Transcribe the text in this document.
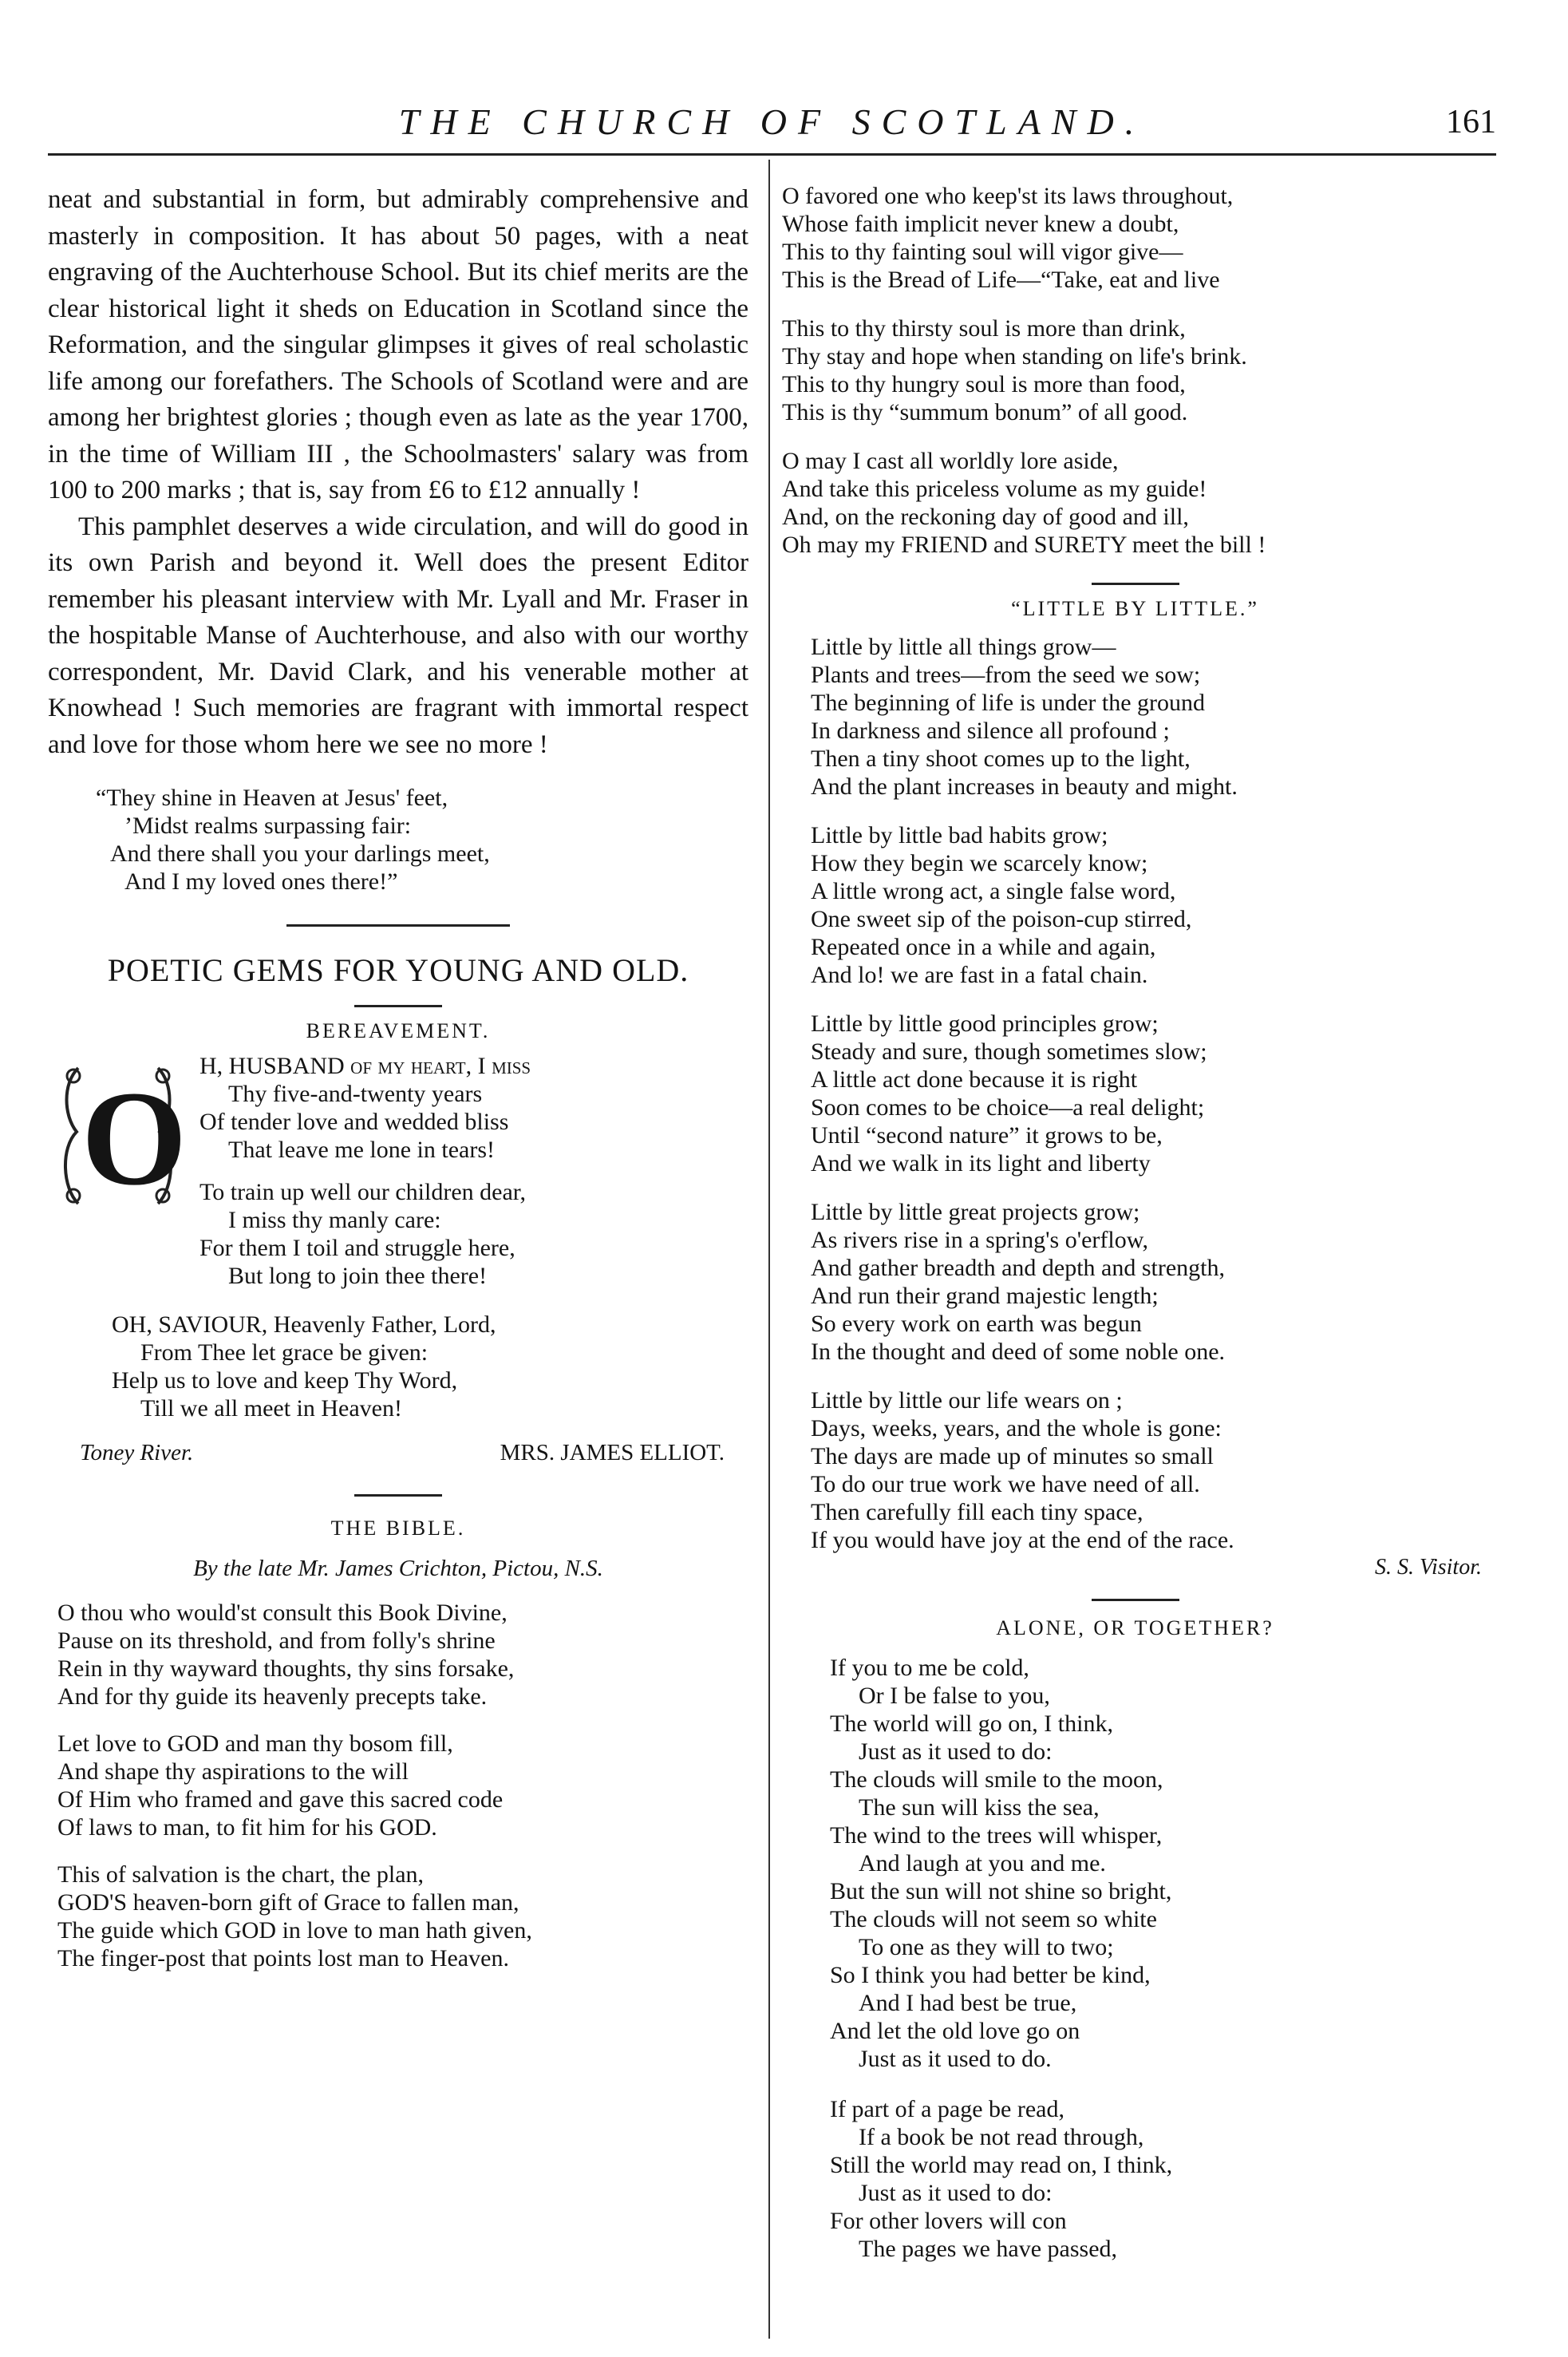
THE CHURCH OF SCOTLAND.	161

neat and substantial in form, but admirably comprehensive and masterly in composition. It has about 50 pages, with a neat engraving of the Auchterhouse School. But its chief merits are the clear historical light it sheds on Education in Scotland since the Reformation, and the singular glimpses it gives of real scholastic life among our forefathers. The Schools of Scotland were and are among her brightest glories ; though even as late as the year 1700, in the time of William III , the Schoolmasters' salary was from 100 to 200 marks ; that is, say from £6 to £12 annually !

This pamphlet deserves a wide circulation, and will do good in its own Parish and beyond it. Well does the present Editor remember his pleasant interview with Mr. Lyall and Mr. Fraser in the hospitable Manse of Auchterhouse, and also with our worthy correspondent, Mr. David Clark, and his venerable mother at Knowhead ! Such memories are fragrant with immortal respect and love for those whom here we see no more !

“They shine in Heaven at Jesus' feet,
’Midst realms surpassing fair:
And there shall you your darlings meet,
And I my loved ones there!”

POETIC GEMS FOR YOUNG AND OLD.

BEREAVEMENT.

O H, HUSBAND of my heart, I miss
Thy five-and-twenty years
Of tender love and wedded bliss
That leave me lone in tears!
To train up well our children dear,
I miss thy manly care:
For them I toil and struggle here,
But long to join thee there!
OH, SAVIOUR, Heavenly Father, Lord,
From Thee let grace be given:
Help us to love and keep Thy Word,
Till we all meet in Heaven!
Toney River.	MRS. JAMES ELLIOT.

THE BIBLE.

By the late Mr. James Crichton, Pictou, N.S.

O thou who would'st consult this Book Divine,
Pause on its threshold, and from folly's shrine
Rein in thy wayward thoughts, thy sins forsake,
And for thy guide its heavenly precepts take.
Let love to GOD and man thy bosom fill,
And shape thy aspirations to the will
Of Him who framed and gave this sacred code
Of laws to man, to fit him for his GOD.
This of salvation is the chart, the plan,
GOD'S heaven-born gift of Grace to fallen man,
The guide which GOD in love to man hath given,
The finger-post that points lost man to Heaven.
O favored one who keep'st its laws throughout,
Whose faith implicit never knew a doubt,
This to thy fainting soul will vigor give—
This is the Bread of Life—“Take, eat and live
This to thy thirsty soul is more than drink,
Thy stay and hope when standing on life's brink.
This to thy hungry soul is more than food,
This is thy “summum bonum” of all good.
O may I cast all worldly lore aside,
And take this priceless volume as my guide!
And, on the reckoning day of good and ill,
Oh may my FRIEND and SURETY meet the bill !

“LITTLE BY LITTLE.”

Little by little all things grow—
Plants and trees—from the seed we sow;
The beginning of life is under the ground
In darkness and silence all profound ;
Then a tiny shoot comes up to the light,
And the plant increases in beauty and might.
Little by little bad habits grow;
How they begin we scarcely know;
A little wrong act, a single false word,
One sweet sip of the poison-cup stirred,
Repeated once in a while and again,
And lo! we are fast in a fatal chain.
Little by little good principles grow;
Steady and sure, though sometimes slow;
A little act done because it is right
Soon comes to be choice—a real delight;
Until “second nature” it grows to be,
And we walk in its light and liberty
Little by little great projects grow;
As rivers rise in a spring's o'erflow,
And gather breadth and depth and strength,
And run their grand majestic length;
So every work on earth was begun
In the thought and deed of some noble one.
Little by little our life wears on ;
Days, weeks, years, and the whole is gone:
The days are made up of minutes so small
To do our true work we have need of all.
Then carefully fill each tiny space,
If you would have joy at the end of the race.

S. S. Visitor.

ALONE, OR TOGETHER?

If you to me be cold,
Or I be false to you,
The world will go on, I think,
Just as it used to do:
The clouds will smile to the moon,
The sun will kiss the sea,
The wind to the trees will whisper,
And laugh at you and me.
But the sun will not shine so bright,
The clouds will not seem so white
To one as they will to two;
So I think you had better be kind,
And I had best be true,
And let the old love go on
Just as it used to do.
If part of a page be read,
If a book be not read through,
Still the world may read on, I think,
Just as it used to do:
For other lovers will con
The pages we have passed,
